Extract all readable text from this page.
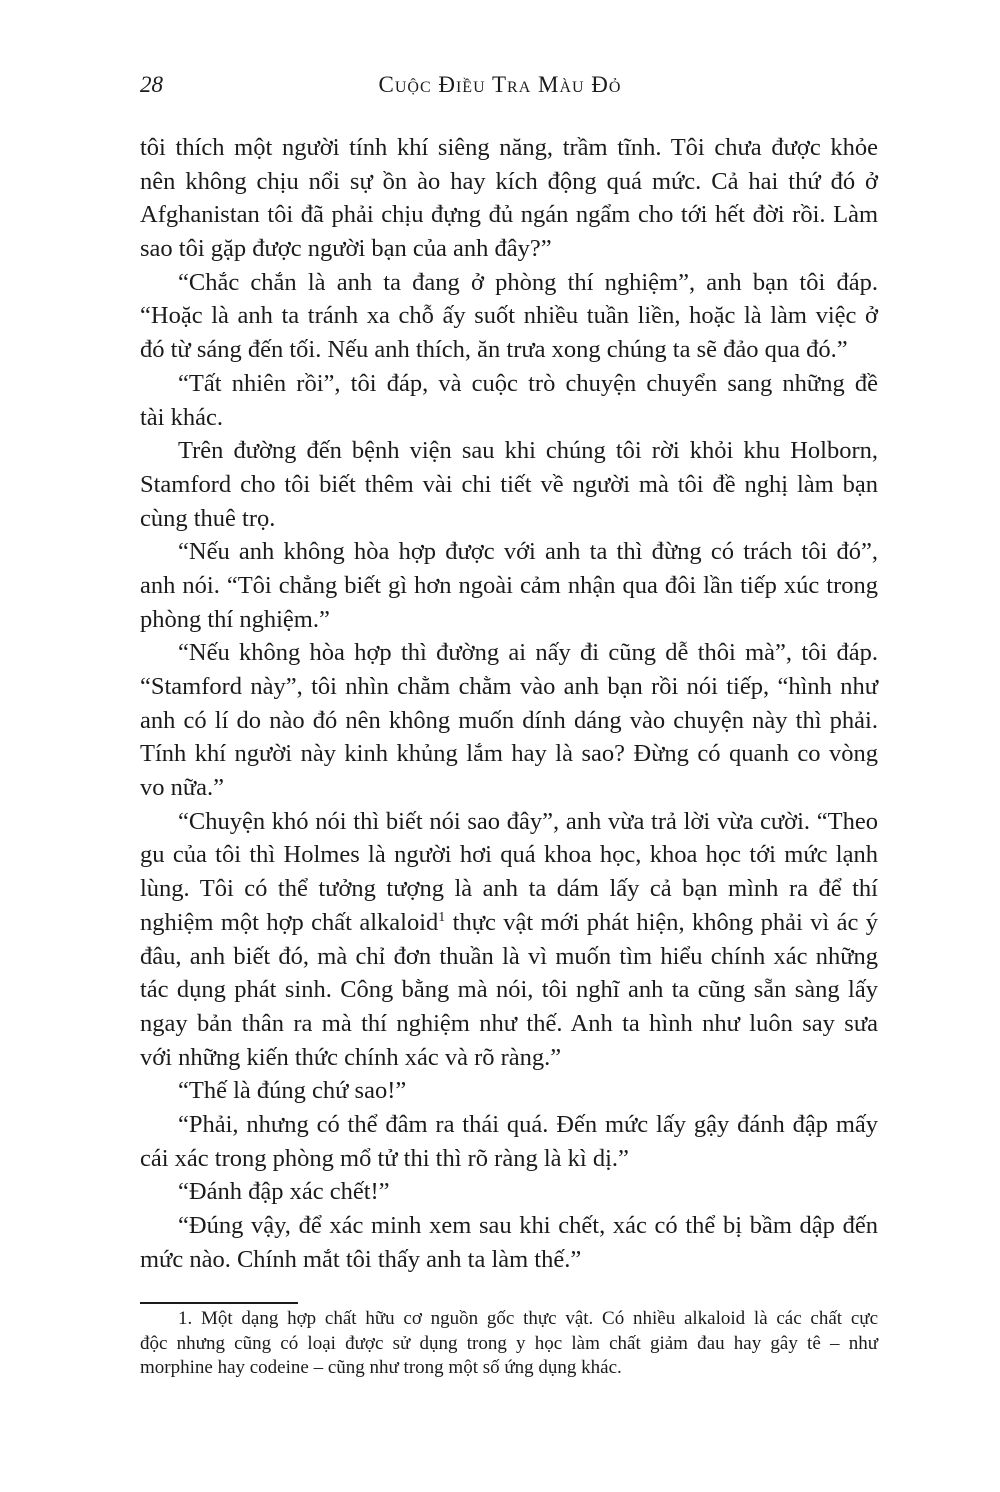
28	Cuộc Điều Tra Màu Đỏ
tôi thích một người tính khí siêng năng, trầm tĩnh. Tôi chưa được khỏe
nên không chịu nổi sự ồn ào hay kích động quá mức. Cả hai thứ đó ở
Afghanistan tôi đã phải chịu đựng đủ ngán ngẩm cho tới hết đời rồi. Làm
sao tôi gặp được người bạn của anh đây?”
“Chắc chắn là anh ta đang ở phòng thí nghiệm”, anh bạn tôi đáp.
“Hoặc là anh ta tránh xa chỗ ấy suốt nhiều tuần liền, hoặc là làm việc ở
đó từ sáng đến tối. Nếu anh thích, ăn trưa xong chúng ta sẽ đảo qua đó.”
“Tất nhiên rồi”, tôi đáp, và cuộc trò chuyện chuyển sang những đề
tài khác.
Trên đường đến bệnh viện sau khi chúng tôi rời khỏi khu Holborn,
Stamford cho tôi biết thêm vài chi tiết về người mà tôi đề nghị làm bạn
cùng thuê trọ.
“Nếu anh không hòa hợp được với anh ta thì đừng có trách tôi đó”,
anh nói. “Tôi chẳng biết gì hơn ngoài cảm nhận qua đôi lần tiếp xúc trong
phòng thí nghiệm.”
“Nếu không hòa hợp thì đường ai nấy đi cũng dễ thôi mà”, tôi đáp.
“Stamford này”, tôi nhìn chằm chằm vào anh bạn rồi nói tiếp, “hình như
anh có lí do nào đó nên không muốn dính dáng vào chuyện này thì phải.
Tính khí người này kinh khủng lắm hay là sao? Đừng có quanh co vòng
vo nữa.”
“Chuyện khó nói thì biết nói sao đây”, anh vừa trả lời vừa cười. “Theo
gu của tôi thì Holmes là người hơi quá khoa học, khoa học tới mức lạnh
lùng. Tôi có thể tưởng tượng là anh ta dám lấy cả bạn mình ra để thí
nghiệm một hợp chất alkaloid$^1$ thực vật mới phát hiện, không phải vì ác ý
đâu, anh biết đó, mà chỉ đơn thuần là vì muốn tìm hiểu chính xác những
tác dụng phát sinh. Công bằng mà nói, tôi nghĩ anh ta cũng sẵn sàng lấy
ngay bản thân ra mà thí nghiệm như thế. Anh ta hình như luôn say sưa
với những kiến thức chính xác và rõ ràng.”
“Thế là đúng chứ sao!”
“Phải, nhưng có thể đâm ra thái quá. Đến mức lấy gậy đánh đập mấy
cái xác trong phòng mổ tử thi thì rõ ràng là kì dị.”
“Đánh đập xác chết!”
“Đúng vậy, để xác minh xem sau khi chết, xác có thể bị bầm dập đến
mức nào. Chính mắt tôi thấy anh ta làm thế.”
1. Một dạng hợp chất hữu cơ nguồn gốc thực vật. Có nhiều alkaloid là các chất cực
độc nhưng cũng có loại được sử dụng trong y học làm chất giảm đau hay gây tê – như
morphine hay codeine – cũng như trong một số ứng dụng khác.
